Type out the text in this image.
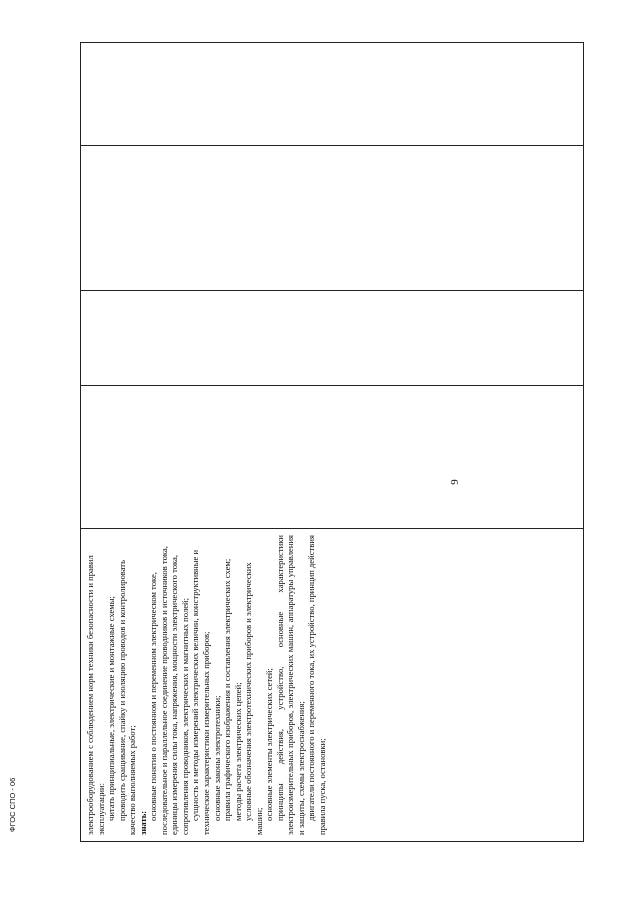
электрооборудованием с соблюдением норм техники безопасности и правил эксплуатации: читать принципиальные, электрические и монтажные схемы; проводить сращивание, спайку и изоляцию проводов и контролировать качество выполняемых работ; знать:

основные понятия о постоянном и переменном электрическом токе, последовательное и параллельное соединение проводников и источников тока, единицы измерения силы тока, напряжения, мощности электрического тока, сопротивления проводников, электрических и магнитных полей; сущность и методы измерений электрических величин, конструктивные и технические характеристики измерительных приборов; основные законы электротехники; правила графического изображения и составления электрических схем; методы расчета электрических цепей; условные обозначения электротехнических приборов и электрических машин;

основные элементы электрических сетей; принципы действия, устройство, основные характеристики электроизмерительных приборов, электрических машин, аппаратуры управления и защиты, схемы электроснабжения; двигатели постоянного и переменного тока, их устройство, принцип действия правила пуска, остановки;

9
ФГОС СПО - 06
